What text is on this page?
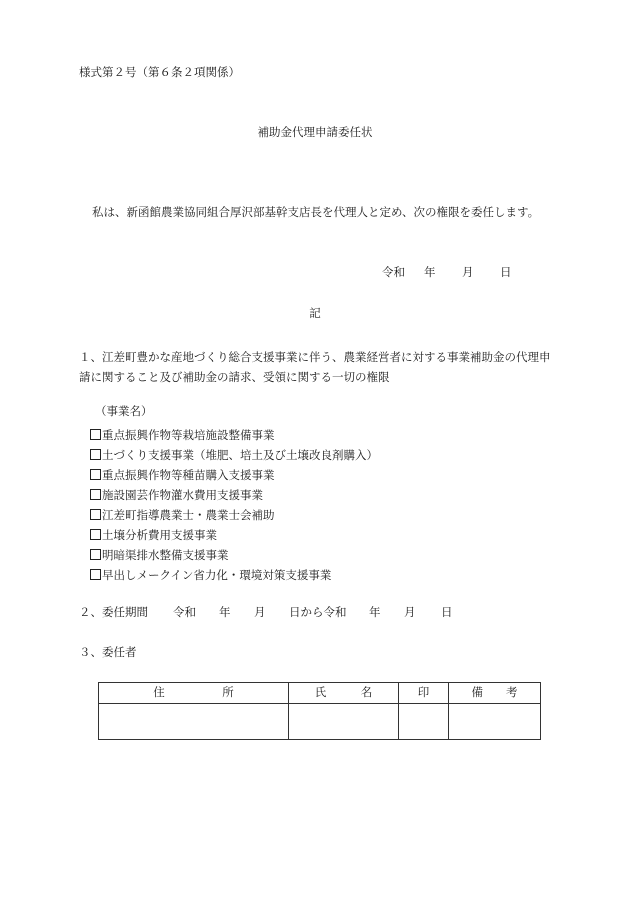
様式第２号（第６条２項関係）
補助金代理申請委任状
私は、新函館農業協同組合厚沢部基幹支店長を代理人と定め、次の権限を委任します。
令和 年 月 日
記
１、江差町豊かな産地づくり総合支援事業に伴う、農業経営者に対する事業補助金の代理申請に関すること及び補助金の請求、受領に関する一切の権限
（事業名）
重点振興作物等栽培施設整備事業
土づくり支援事業（堆肥、培土及び土壌改良剤購入）
重点振興作物等種苗購入支援事業
施設園芸作物灌水費用支援事業
江差町指導農業士・農業士会補助
土壌分析費用支援事業
明暗渠排水整備支援事業
早出しメークイン省力化・環境対策支援事業
２、委任期間 令和 年 月 日から令和 年 月 日
３、委任者
住　　　　　所	氏　　　名	印	備　　考
